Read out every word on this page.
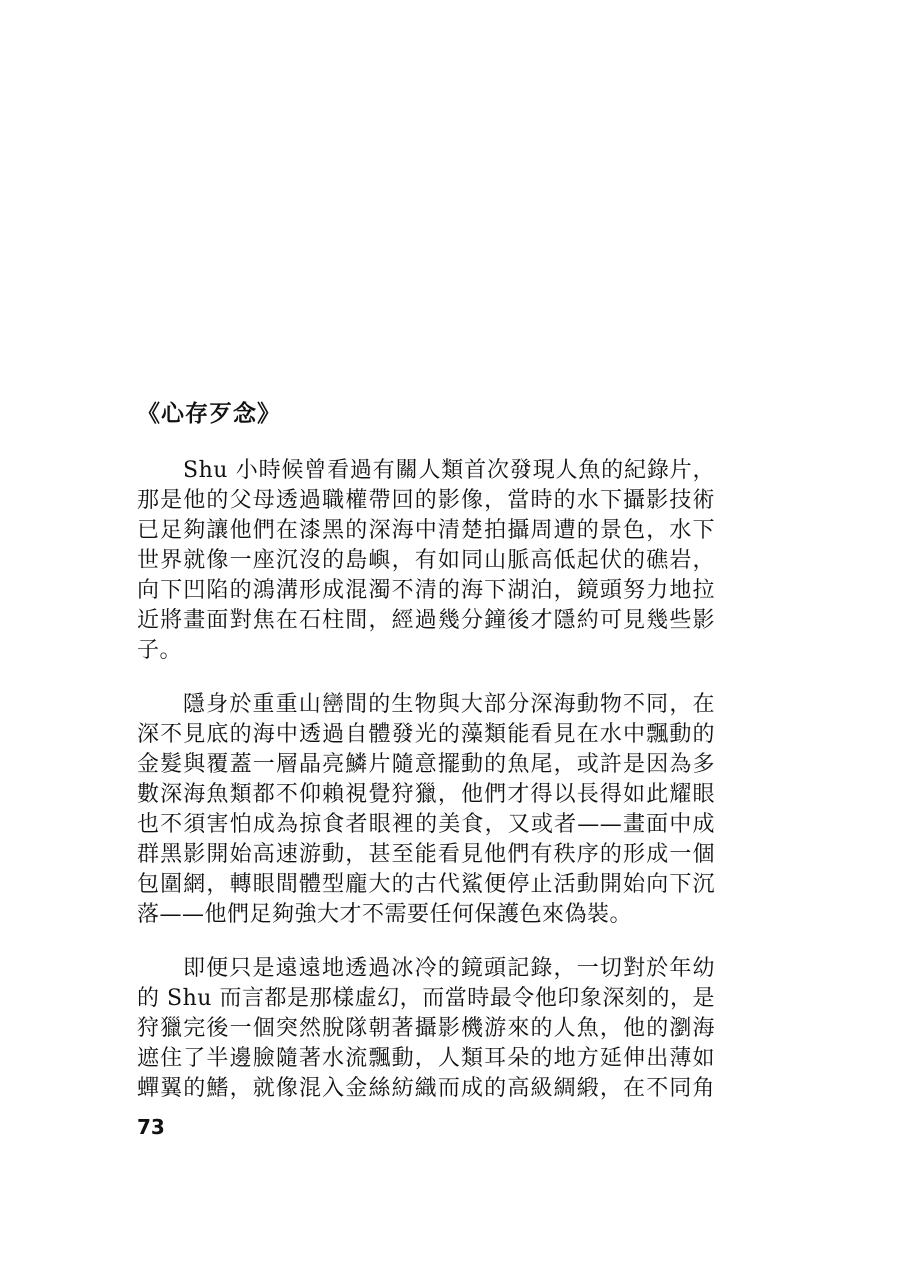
《心存歹念》

Shu 小時候曾看過有關人類首次發現人魚的紀錄片，
那是他的父母透過職權帶回的影像，當時的水下攝影技術
已足夠讓他們在漆黑的深海中清楚拍攝周遭的景色，水下
世界就像一座沉沒的島嶼，有如同山脈高低起伏的礁岩，
向下凹陷的鴻溝形成混濁不清的海下湖泊，鏡頭努力地拉
近將畫面對焦在石柱間，經過幾分鐘後才隱約可見幾些影
子。

隱身於重重山巒間的生物與大部分深海動物不同，在
深不見底的海中透過自體發光的藻類能看見在水中飄動的
金髮與覆蓋一層晶亮鱗片隨意擺動的魚尾，或許是因為多
數深海魚類都不仰賴視覺狩獵，他們才得以長得如此耀眼
也不須害怕成為掠食者眼裡的美食，又或者——畫面中成
群黑影開始高速游動，甚至能看見他們有秩序的形成一個
包圍網，轉眼間體型龐大的古代鯊便停止活動開始向下沉
落——他們足夠強大才不需要任何保護色來偽裝。

即便只是遠遠地透過冰冷的鏡頭記錄，一切對於年幼
的 Shu 而言都是那樣虛幻，而當時最令他印象深刻的，是
狩獵完後一個突然脫隊朝著攝影機游來的人魚，他的瀏海
遮住了半邊臉隨著水流飄動，人類耳朵的地方延伸出薄如
蟬翼的鰭，就像混入金絲紡織而成的高級綢緞，在不同角

73
